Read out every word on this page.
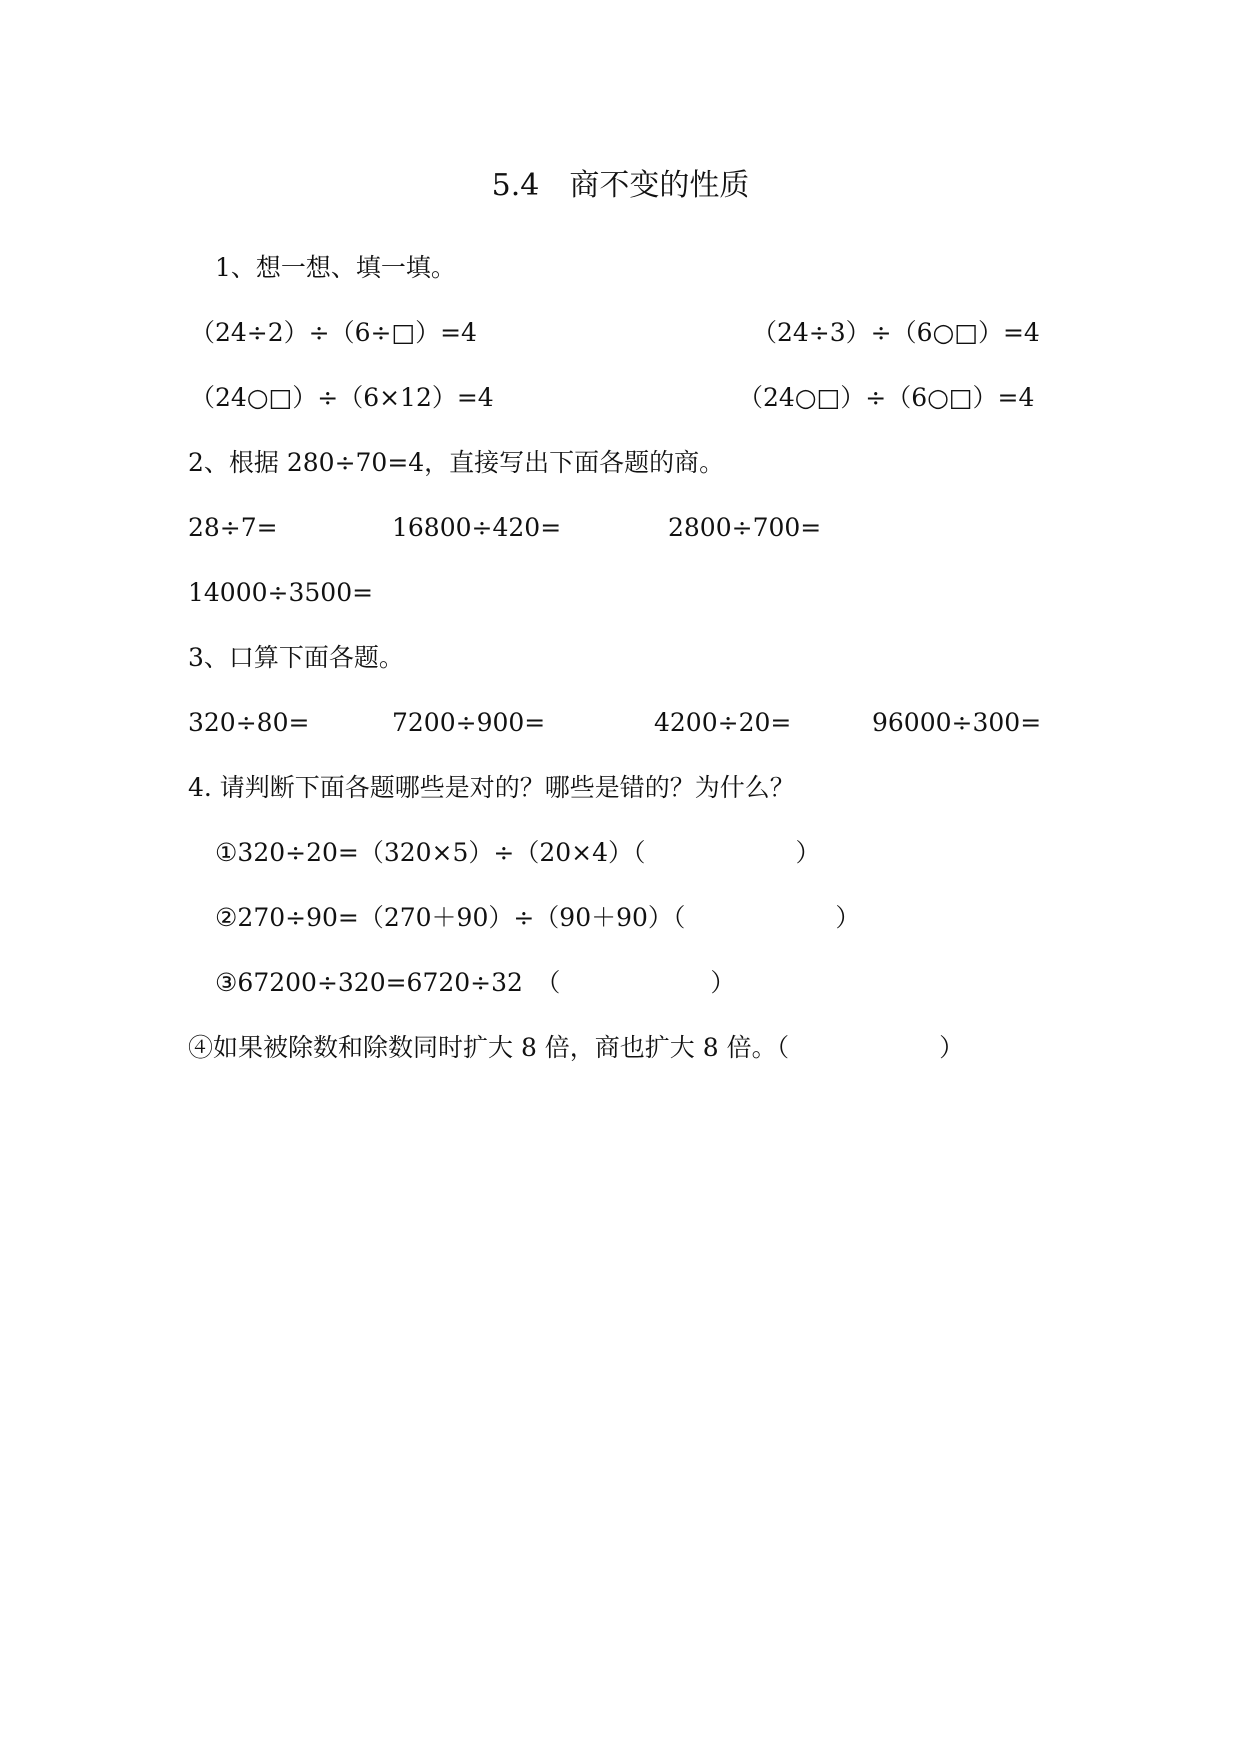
5.4　商不变的性质
1、想一想、填一填。
（24÷2）÷（6÷□）=4	（24÷3）÷（6○□）=4
（24○□）÷（6×12）=4	（24○□）÷（6○□）=4
2、根据 280÷70=4，直接写出下面各题的商。
28÷7=	16800÷420=	2800÷700=
14000÷3500=
3、口算下面各题。
320÷80=	7200÷900=	4200÷20=	96000÷300=
4. 请判断下面各题哪些是对的？哪些是错的？为什么？
①320÷20=（320×5）÷（20×4）（　　　　　　）
②270÷90=（270＋90）÷（90＋90）（　　　　　　）
③67200÷320=6720÷32　（　　　　　　）
④如果被除数和除数同时扩大 8 倍，商也扩大 8 倍。（　　　　　　）
